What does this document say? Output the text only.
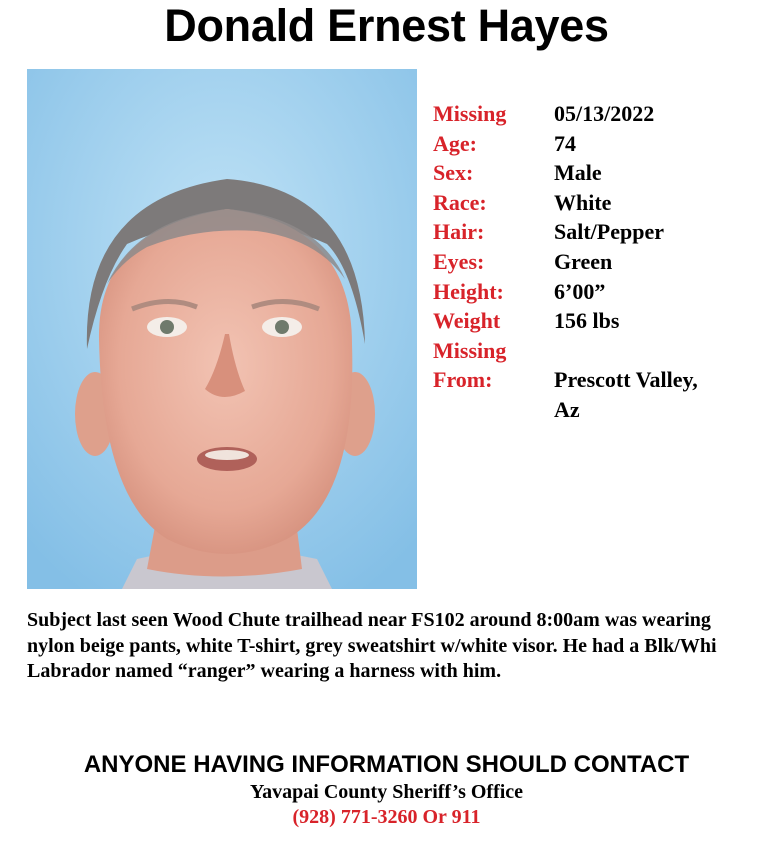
Donald Ernest Hayes
Missing	05/13/2022
Age:	74
Sex:	Male
Race:	White
Hair:	Salt/Pepper
Eyes:	Green
Height:	6’00”
Weight	156 lbs
Missing
From:	Prescott Valley,
Az
Subject last seen Wood Chute trailhead near FS102 around 8:00am was wearing nylon beige pants, white T-shirt, grey sweatshirt w/white visor. He had a Blk/Whi Labrador named “ranger” wearing a harness with him.
ANYONE HAVING INFORMATION SHOULD CONTACT
Yavapai County Sheriff’s Office
(928) 771-3260 Or 911
